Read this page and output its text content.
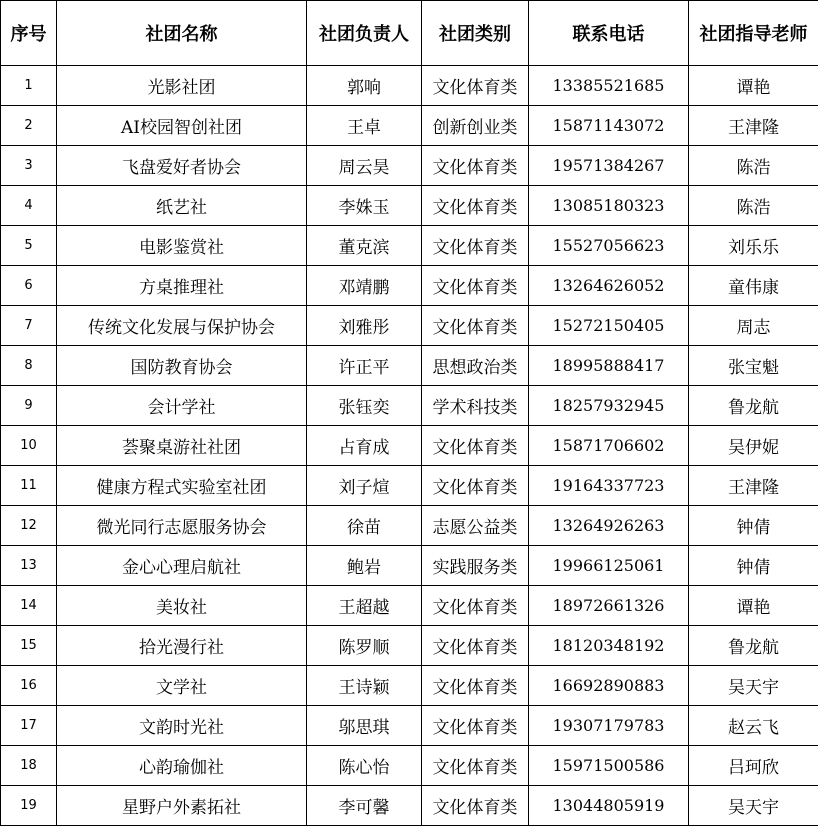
序号	社团名称	社团负责人	社团类别	联系电话	社团指导老师
1	光影社团	郭响	文化体育类	13385521685	谭艳
2	AI校园智创社团	王卓	创新创业类	15871143072	王津隆
3	飞盘爱好者协会	周云昊	文化体育类	19571384267	陈浩
4	纸艺社	李姝玉	文化体育类	13085180323	陈浩
5	电影鉴赏社	董克滨	文化体育类	15527056623	刘乐乐
6	方桌推理社	邓靖鹏	文化体育类	13264626052	童伟康
7	传统文化发展与保护协会	刘雅彤	文化体育类	15272150405	周志
8	国防教育协会	许正平	思想政治类	18995888417	张宝魁
9	会计学社	张钰奕	学术科技类	18257932945	鲁龙航
10	荟聚桌游社社团	占育成	文化体育类	15871706602	吴伊妮
11	健康方程式实验室社团	刘子煊	文化体育类	19164337723	王津隆
12	微光同行志愿服务协会	徐苗	志愿公益类	13264926263	钟倩
13	金心心理启航社	鲍岩	实践服务类	19966125061	钟倩
14	美妆社	王超越	文化体育类	18972661326	谭艳
15	拾光漫行社	陈罗顺	文化体育类	18120348192	鲁龙航
16	文学社	王诗颖	文化体育类	16692890883	吴天宇
17	文韵时光社	邬思琪	文化体育类	19307179783	赵云飞
18	心韵瑜伽社	陈心怡	文化体育类	15971500586	吕珂欣
19	星野户外素拓社	李可馨	文化体育类	13044805919	吴天宇
